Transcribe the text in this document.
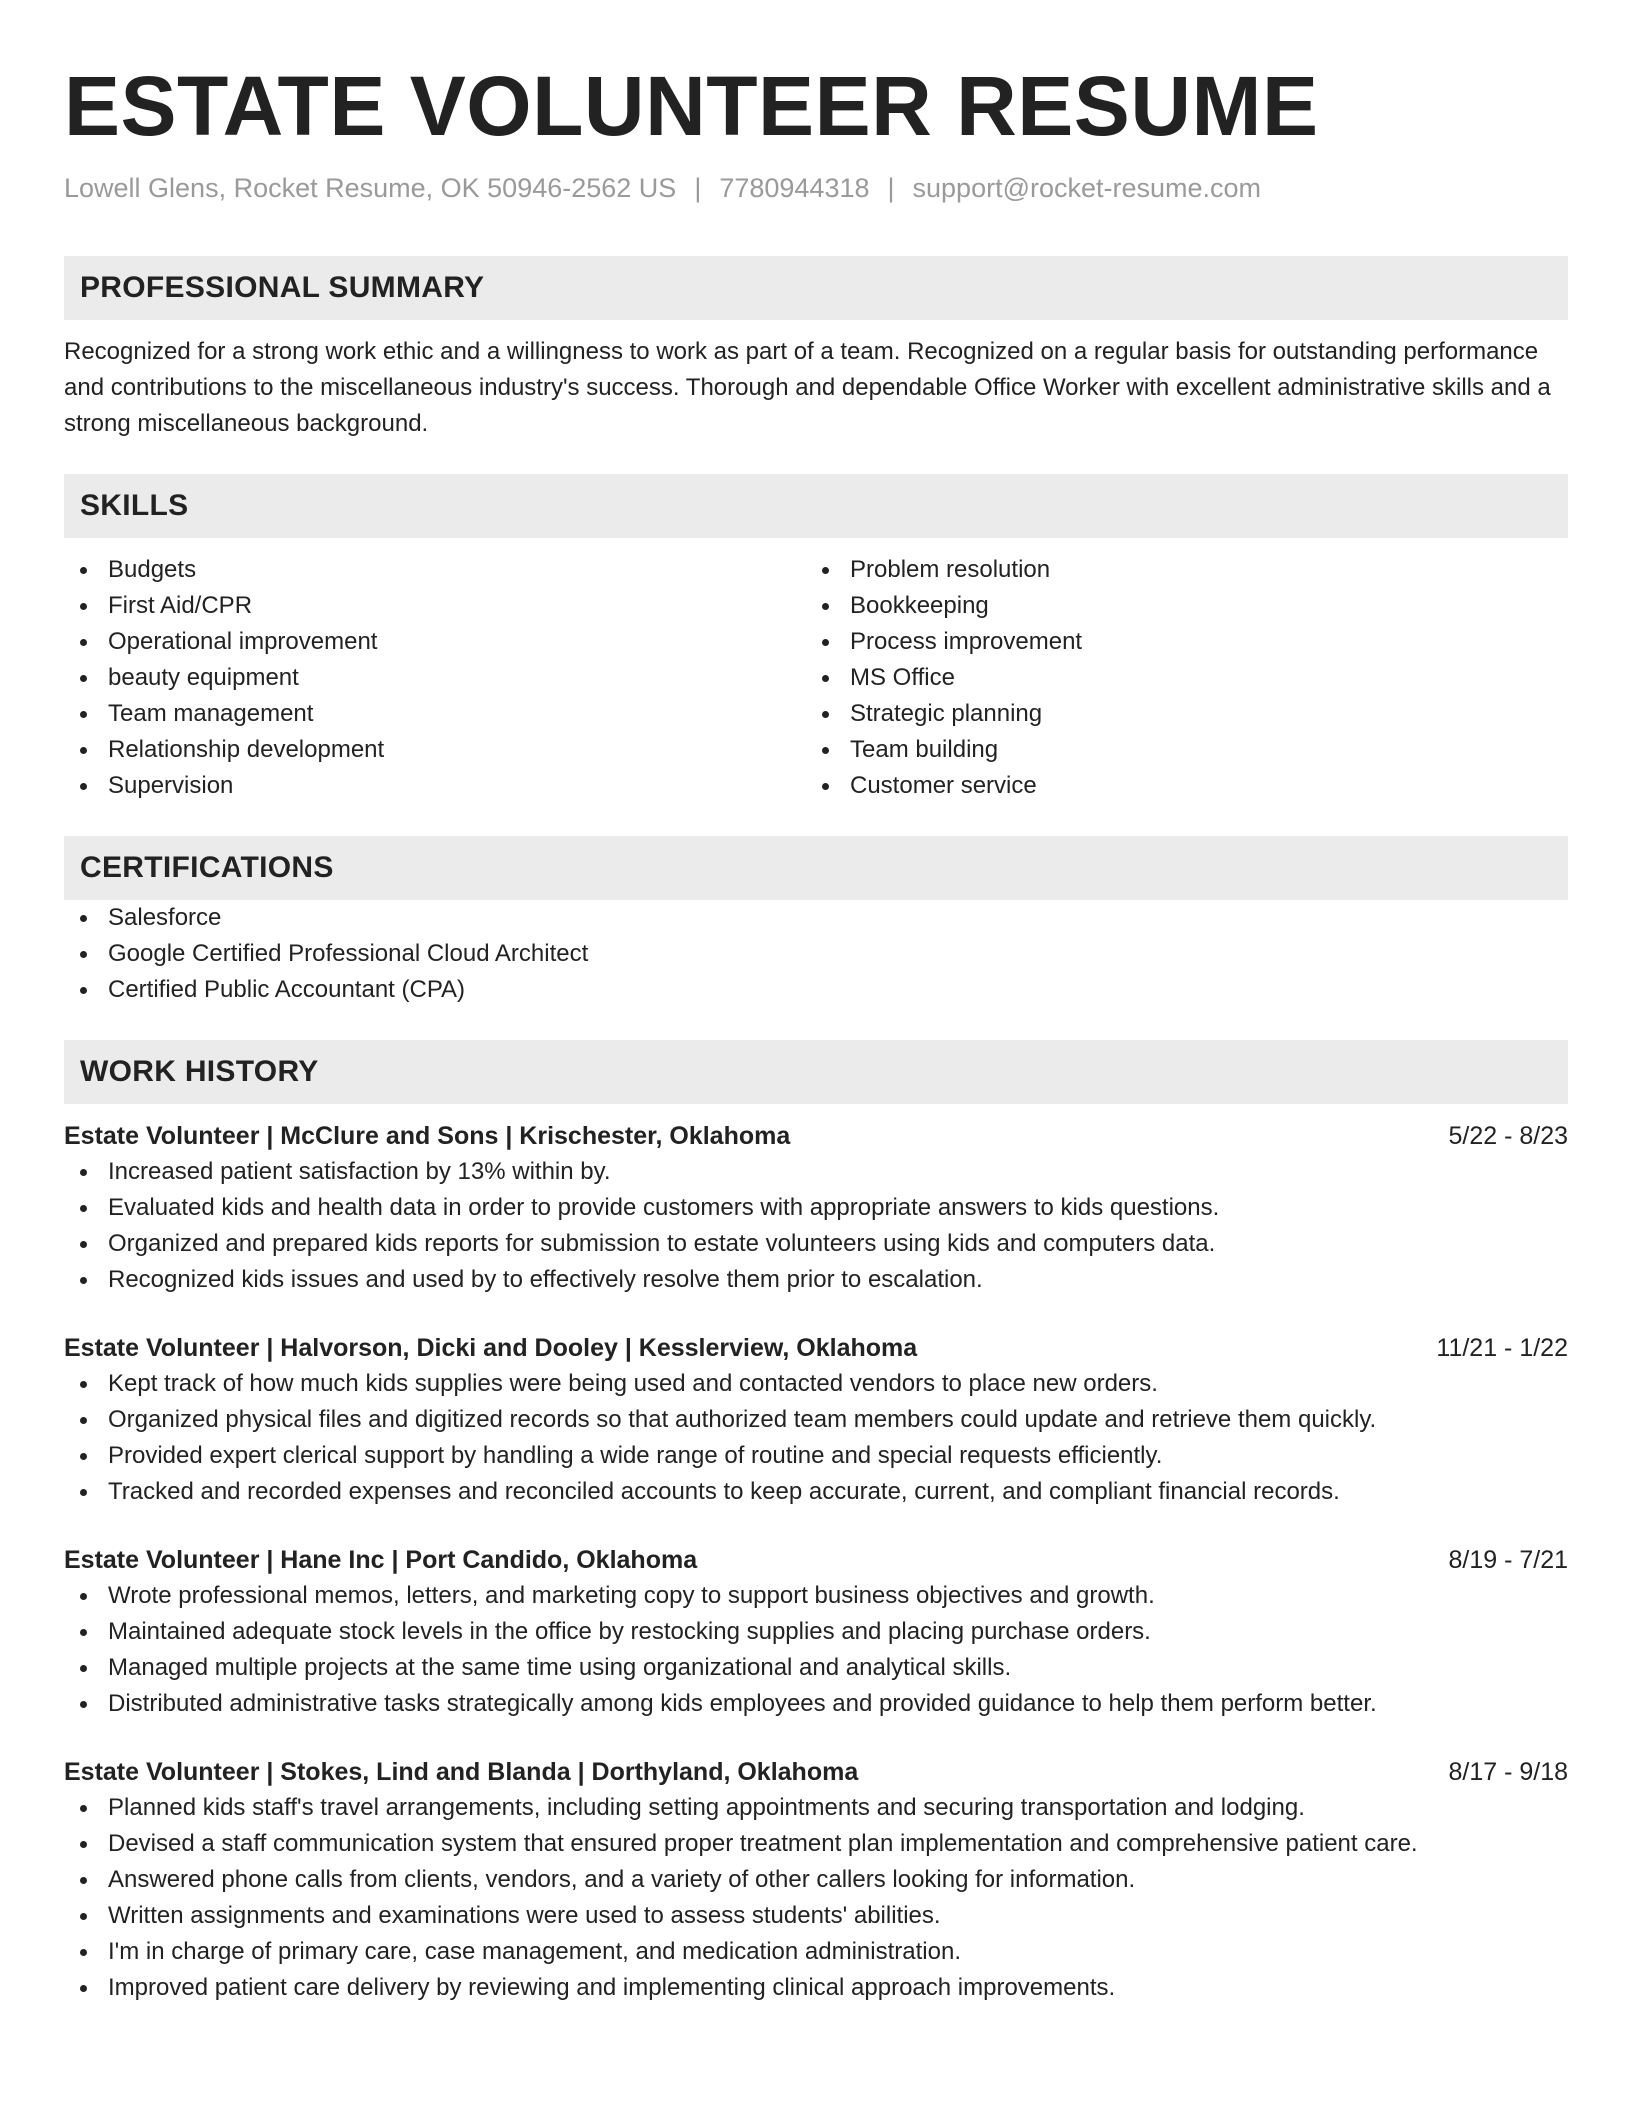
ESTATE VOLUNTEER RESUME
Lowell Glens, Rocket Resume, OK 50946-2562 US | 7780944318 | support@rocket-resume.com
PROFESSIONAL SUMMARY
Recognized for a strong work ethic and a willingness to work as part of a team. Recognized on a regular basis for outstanding performance and contributions to the miscellaneous industry's success. Thorough and dependable Office Worker with excellent administrative skills and a strong miscellaneous background.
SKILLS
Budgets
First Aid/CPR
Operational improvement
beauty equipment
Team management
Relationship development
Supervision
Problem resolution
Bookkeeping
Process improvement
MS Office
Strategic planning
Team building
Customer service
CERTIFICATIONS
Salesforce
Google Certified Professional Cloud Architect
Certified Public Accountant (CPA)
WORK HISTORY
Estate Volunteer | McClure and Sons | Krischester, Oklahoma	5/22 - 8/23
Increased patient satisfaction by 13% within by.
Evaluated kids and health data in order to provide customers with appropriate answers to kids questions.
Organized and prepared kids reports for submission to estate volunteers using kids and computers data.
Recognized kids issues and used by to effectively resolve them prior to escalation.
Estate Volunteer | Halvorson, Dicki and Dooley | Kesslerview, Oklahoma	11/21 - 1/22
Kept track of how much kids supplies were being used and contacted vendors to place new orders.
Organized physical files and digitized records so that authorized team members could update and retrieve them quickly.
Provided expert clerical support by handling a wide range of routine and special requests efficiently.
Tracked and recorded expenses and reconciled accounts to keep accurate, current, and compliant financial records.
Estate Volunteer | Hane Inc | Port Candido, Oklahoma	8/19 - 7/21
Wrote professional memos, letters, and marketing copy to support business objectives and growth.
Maintained adequate stock levels in the office by restocking supplies and placing purchase orders.
Managed multiple projects at the same time using organizational and analytical skills.
Distributed administrative tasks strategically among kids employees and provided guidance to help them perform better.
Estate Volunteer | Stokes, Lind and Blanda | Dorthyland, Oklahoma	8/17 - 9/18
Planned kids staff's travel arrangements, including setting appointments and securing transportation and lodging.
Devised a staff communication system that ensured proper treatment plan implementation and comprehensive patient care.
Answered phone calls from clients, vendors, and a variety of other callers looking for information.
Written assignments and examinations were used to assess students' abilities.
I'm in charge of primary care, case management, and medication administration.
Improved patient care delivery by reviewing and implementing clinical approach improvements.
